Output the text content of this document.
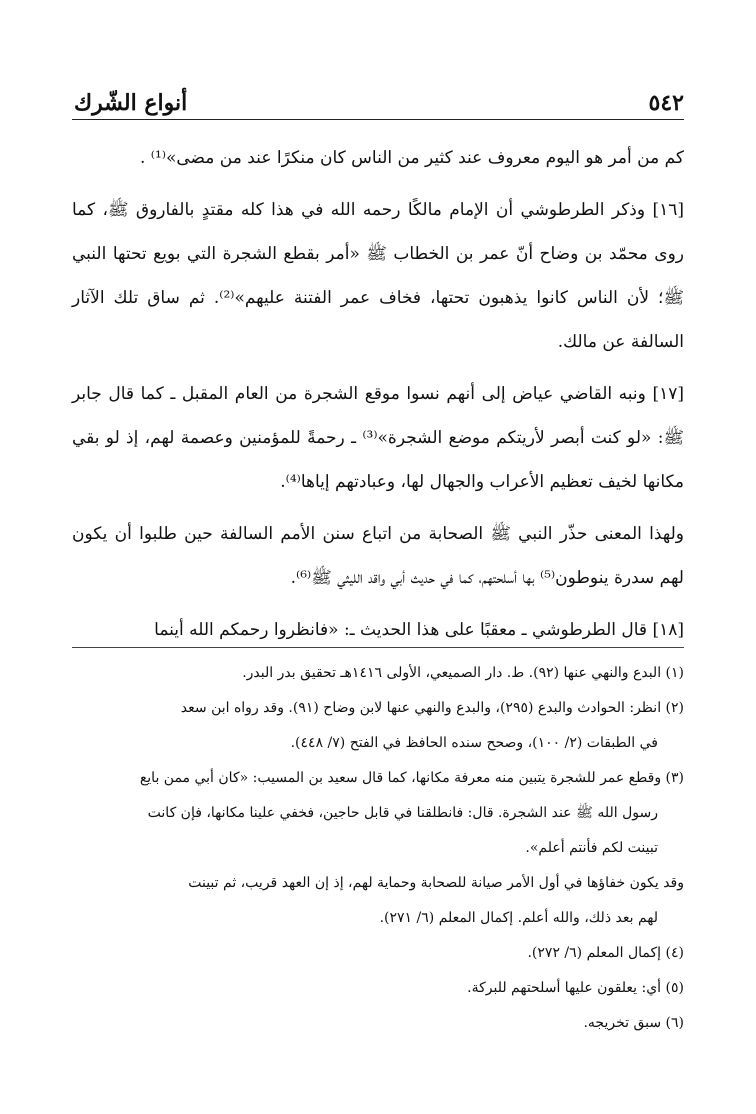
٥٤٢
أنواع الشّرك

كم من أمر هو اليوم معروف عند كثير من الناس كان منكرًا عند من مضى»⁽¹⁾ .

[١٦] وذكر الطرطوشي أن الإمام مالكًا رحمه الله في هذا كله مقتدٍ بالفاروق ﷺ، كما روى محمّد بن وضاح أنّ عمر بن الخطاب ﷺ «أمر بقطع الشجرة التي بويع تحتها النبي ﷺ؛ لأن الناس كانوا يذهبون تحتها، فخاف عمر الفتنة عليهم»⁽²⁾. ثم ساق تلك الآثار السالفة عن مالك.

[١٧] ونبه القاضي عياض إلى أنهم نسوا موقع الشجرة من العام المقبل ـ كما قال جابر ﷺ: «لو كنت أبصر لأريتكم موضع الشجرة»⁽³⁾ ـ رحمةً للمؤمنين وعصمة لهم، إذ لو بقي مكانها لخيف تعظيم الأعراب والجهال لها، وعبادتهم إياها⁽⁴⁾.

ولهذا المعنى حذّر النبي ﷺ الصحابة من اتباع سنن الأمم السالفة حين طلبوا أن يكون لهم سدرة ينوطون⁽⁵⁾ بها أسلحتهم، كما في حديث أبي واقد الليثي ﷺ⁽⁶⁾.

[١٨] قال الطرطوشي ـ معقبًا على هذا الحديث ـ: «فانظروا رحمكم الله أينما

(١) البدع والنهي عنها (٩٢). ط. دار الصميعي، الأولى ١٤١٦هـ تحقيق بدر البدر.

(٢) انظر: الحوادث والبدع (٢٩٥)، والبدع والنهي عنها لابن وضاح (٩١). وقد رواه ابن سعد

في الطبقات (٢/ ١٠٠)، وصحح سنده الحافظ في الفتح (٧/ ٤٤٨).

(٣) وقطع عمر للشجرة يتبين منه معرفة مكانها، كما قال سعيد بن المسيب: «كان أبي ممن بايع

رسول الله ﷺ عند الشجرة. قال: فانطلقنا في قابل حاجين، فخفي علينا مكانها، فإن كانت

تبينت لكم فأنتم أعلم».

وقد يكون خفاؤها في أول الأمر صيانة للصحابة وحماية لهم، إذ إن العهد قريب، ثم تبينت

لهم بعد ذلك، والله أعلم. إكمال المعلم (٦/ ٢٧١).

(٤) إكمال المعلم (٦/ ٢٧٢).

(٥) أي: يعلقون عليها أسلحتهم للبركة.

(٦) سبق تخريجه.
